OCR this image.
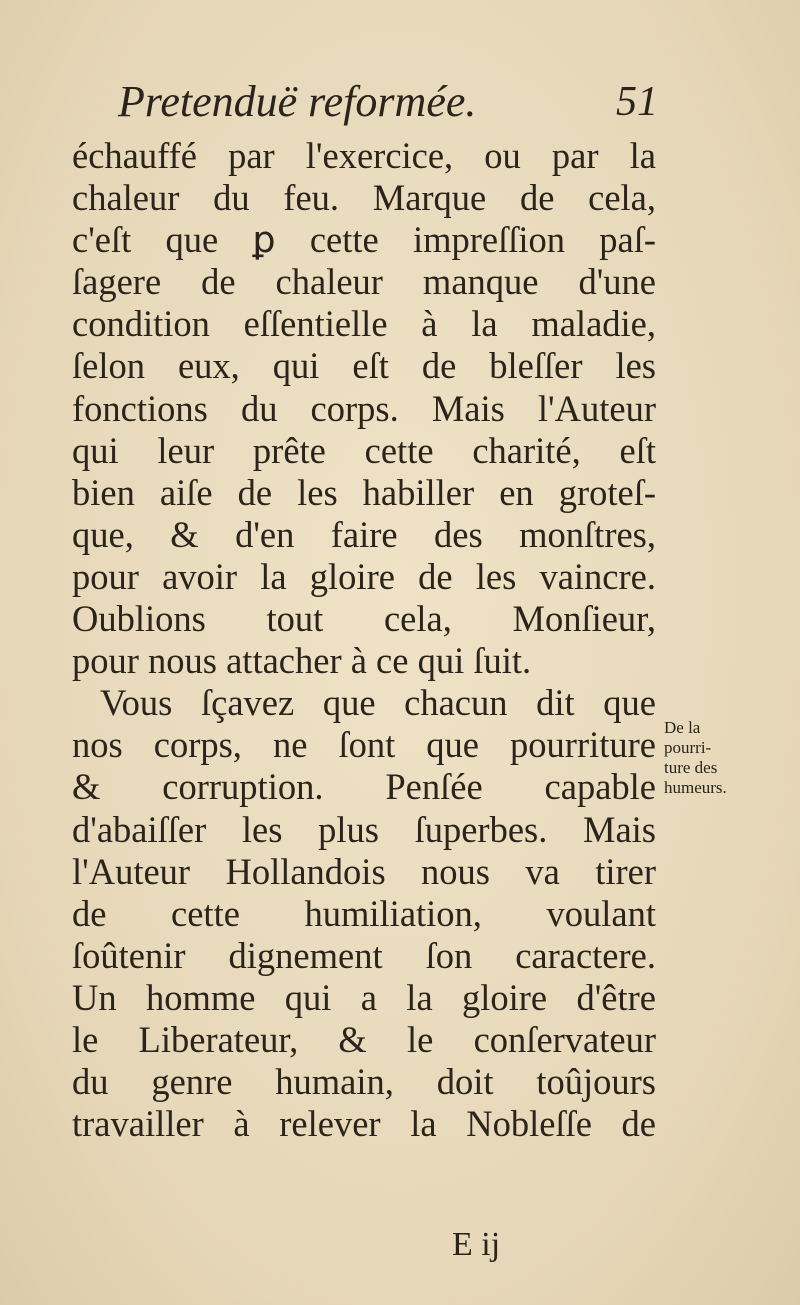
Pretenduë reformée.	51
échauffé par l'exercice, ou par la
chaleur du feu. Marque de cela,
c'eſt que ꝑ cette impreſſion paſ-
ſagere de chaleur manque d'une
condition eſſentielle à la maladie,
ſelon eux, qui eſt de bleſſer les
fonctions du corps. Mais l'Auteur
qui leur prête cette charité, eſt
bien aiſe de les habiller en groteſ-
que, & d'en faire des monſtres,
pour avoir la gloire de les vaincre.
Oublions tout cela, Monſieur,
pour nous attacher à ce qui ſuit.
Vous ſçavez que chacun dit que
nos corps, ne ſont que pourriture
& corruption. Penſée capable
d'abaiſſer les plus ſuperbes. Mais
l'Auteur Hollandois nous va tirer
de cette humiliation, voulant
ſoûtenir dignement ſon caractere.
Un homme qui a la gloire d'être
le Liberateur, & le conſervateur
du genre humain, doit toûjours
travailler à relever la Nobleſſe de
De la
pourri-
ture des
humeurs.
E ij
